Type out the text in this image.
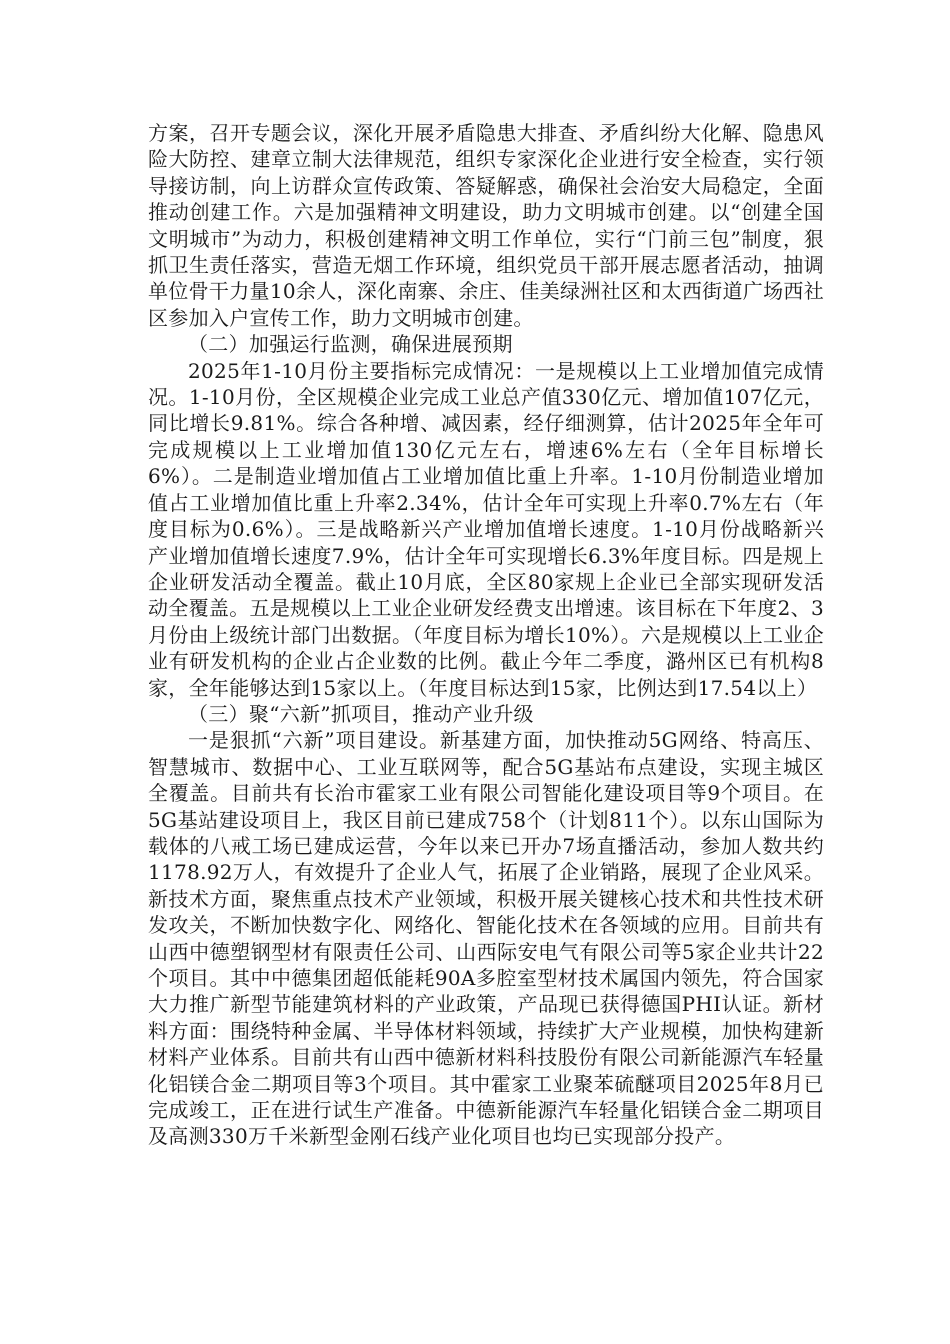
方案，召开专题会议，深化开展矛盾隐患大排查、矛盾纠纷大化解、隐患风险大防控、建章立制大法律规范，组织专家深化企业进行安全检查，实行领导接访制，向上访群众宣传政策、答疑解惑，确保社会治安大局稳定，全面推动创建工作。六是加强精神文明建设，助力文明城市创建。以“创建全国文明城市”为动力，积极创建精神文明工作单位，实行“门前三包”制度，狠抓卫生责任落实，营造无烟工作环境，组织党员干部开展志愿者活动，抽调单位骨干力量10余人，深化南寨、余庄、佳美绿洲社区和太西街道广场西社区参加入户宣传工作，助力文明城市创建。

（二）加强运行监测，确保进展预期

2025年1-10月份主要指标完成情况：一是规模以上工业增加值完成情况。1-10月份，全区规模企业完成工业总产值330亿元、增加值107亿元，同比增长9.81%。综合各种增、减因素，经仔细测算，估计2025年全年可完成规模以上工业增加值130亿元左右，增速6%左右（全年目标增长6%）。二是制造业增加值占工业增加值比重上升率。1-10月份制造业增加值占工业增加值比重上升率2.34%，估计全年可实现上升率0.7%左右（年度目标为0.6%）。三是战略新兴产业增加值增长速度。1-10月份战略新兴产业增加值增长速度7.9%，估计全年可实现增长6.3%年度目标。四是规上企业研发活动全覆盖。截止10月底，全区80家规上企业已全部实现研发活动全覆盖。五是规模以上工业企业研发经费支出增速。该目标在下年度2、3月份由上级统计部门出数据。（年度目标为增长10%）。六是规模以上工业企业有研发机构的企业占企业数的比例。截止今年二季度，潞州区已有机构8家，全年能够达到15家以上。（年度目标达到15家，比例达到17.54以上）

（三）聚“六新”抓项目，推动产业升级

一是狠抓“六新”项目建设。新基建方面，加快推动5G网络、特高压、智慧城市、数据中心、工业互联网等，配合5G基站布点建设，实现主城区全覆盖。目前共有长治市霍家工业有限公司智能化建设项目等9个项目。在5G基站建设项目上，我区目前已建成758个（计划811个）。以东山国际为载体的八戒工场已建成运营，今年以来已开办7场直播活动，参加人数共约1178.92万人，有效提升了企业人气，拓展了企业销路，展现了企业风采。新技术方面，聚焦重点技术产业领域，积极开展关键核心技术和共性技术研发攻关，不断加快数字化、网络化、智能化技术在各领域的应用。目前共有山西中德塑钢型材有限责任公司、山西际安电气有限公司等5家企业共计22个项目。其中中德集团超低能耗90A多腔室型材技术属国内领先，符合国家大力推广新型节能建筑材料的产业政策，产品现已获得德国PHI认证。新材料方面：围绕特种金属、半导体材料领域，持续扩大产业规模，加快构建新材料产业体系。目前共有山西中德新材料科技股份有限公司新能源汽车轻量化铝镁合金二期项目等3个项目。其中霍家工业聚苯硫醚项目2025年8月已完成竣工，正在进行试生产准备。中德新能源汽车轻量化铝镁合金二期项目及高测330万千米新型金刚石线产业化项目也均已实现部分投产。
